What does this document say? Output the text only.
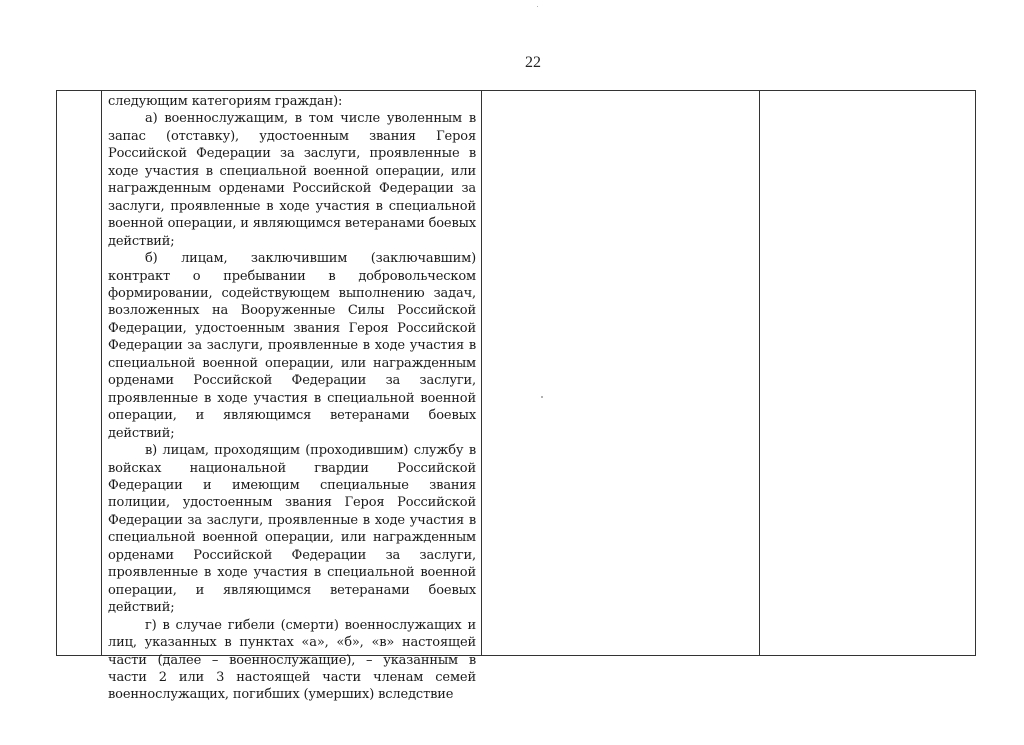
22

следующим категориям граждан):

а) военнослужащим, в том числе уволенным в запас (отставку), удостоенным звания Героя Российской Федерации за заслуги, проявленные в ходе участия в специальной военной операции, или награжденным орденами Российской Федерации за заслуги, проявленные в ходе участия в специальной военной операции, и являющимся ветеранами боевых действий;

б) лицам, заключившим (заключавшим) контракт о пребывании в добровольческом формировании, содействующем выполнению задач, возложенных на Вооруженные Силы Российской Федерации, удостоенным звания Героя Российской Федерации за заслуги, проявленные в ходе участия в специальной военной операции, или награжденным орденами Российской Федерации за заслуги, проявленные в ходе участия в специальной военной операции, и являющимся ветеранами боевых действий;

в) лицам, проходящим (проходившим) службу в войсках национальной гвардии Российской Федерации и имеющим специальные звания полиции, удостоенным звания Героя Российской Федерации за заслуги, проявленные в ходе участия в специальной военной операции, или награжденным орденами Российской Федерации за заслуги, проявленные в ходе участия в специальной военной операции, и являющимся ветеранами боевых действий;

г) в случае гибели (смерти) военнослужащих и лиц, указанных в пунктах «а», «б», «в» настоящей части (далее – военнослужащие), – указанным в части 2 или 3 настоящей части членам семей военнослужащих, погибших (умерших) вследствие
